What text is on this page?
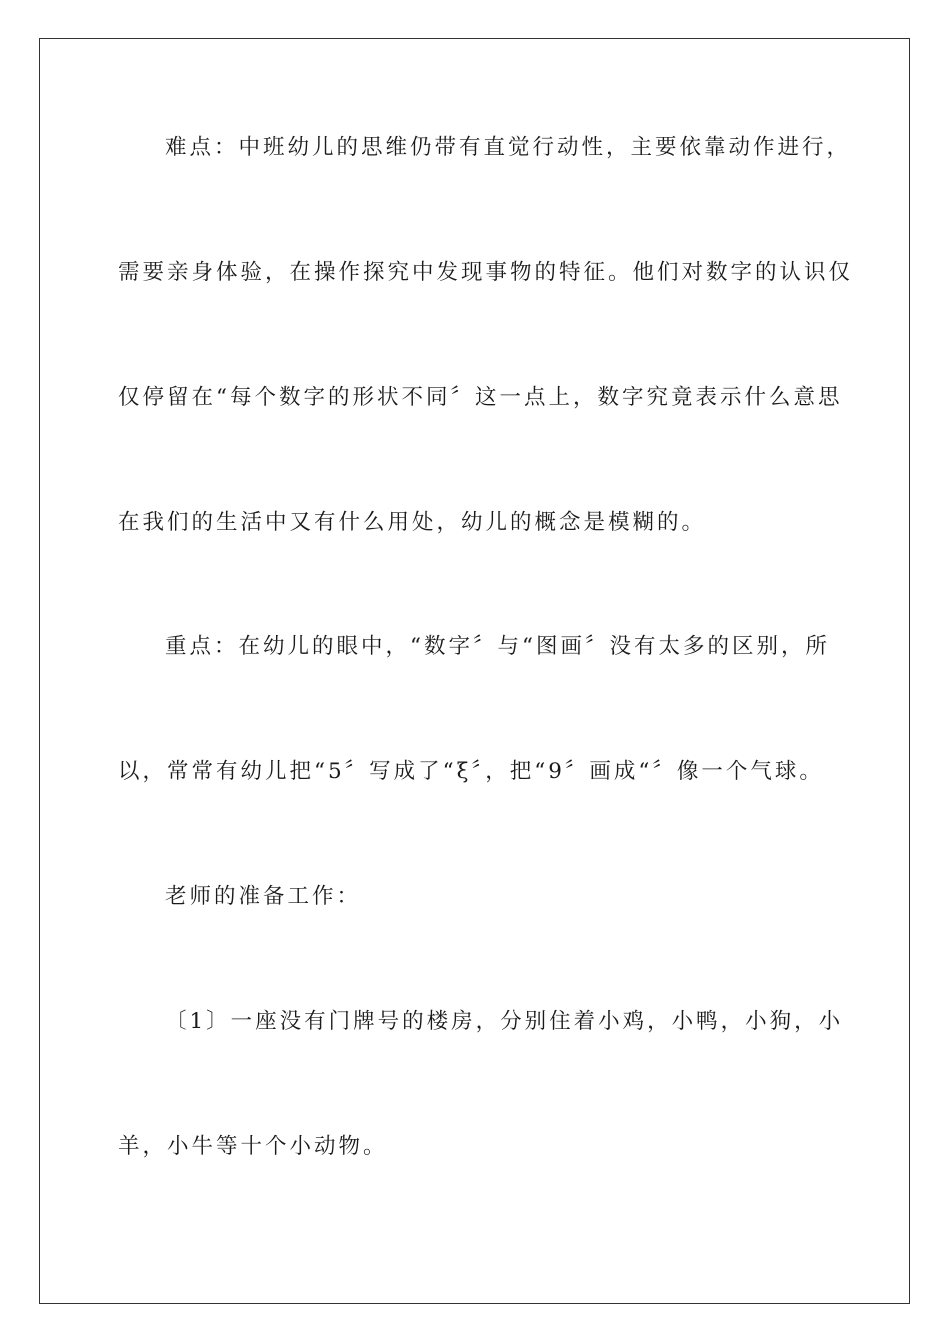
难点：中班幼儿的思维仍带有直觉行动性，主要依靠动作进行，
需要亲身体验，在操作探究中发现事物的特征。他们对数字的认识仅
仅停留在“每个数字的形状不同〞这一点上，数字究竟表示什么意思
在我们的生活中又有什么用处，幼儿的概念是模糊的。
重点：在幼儿的眼中，“数字〞与“图画〞没有太多的区别，所
以，常常有幼儿把“5〞写成了“ξ〞，把“9〞画成“〞像一个气球。
老师的准备工作：
〔1〕一座没有门牌号的楼房，分别住着小鸡，小鸭，小狗，小
羊，小牛等十个小动物。
